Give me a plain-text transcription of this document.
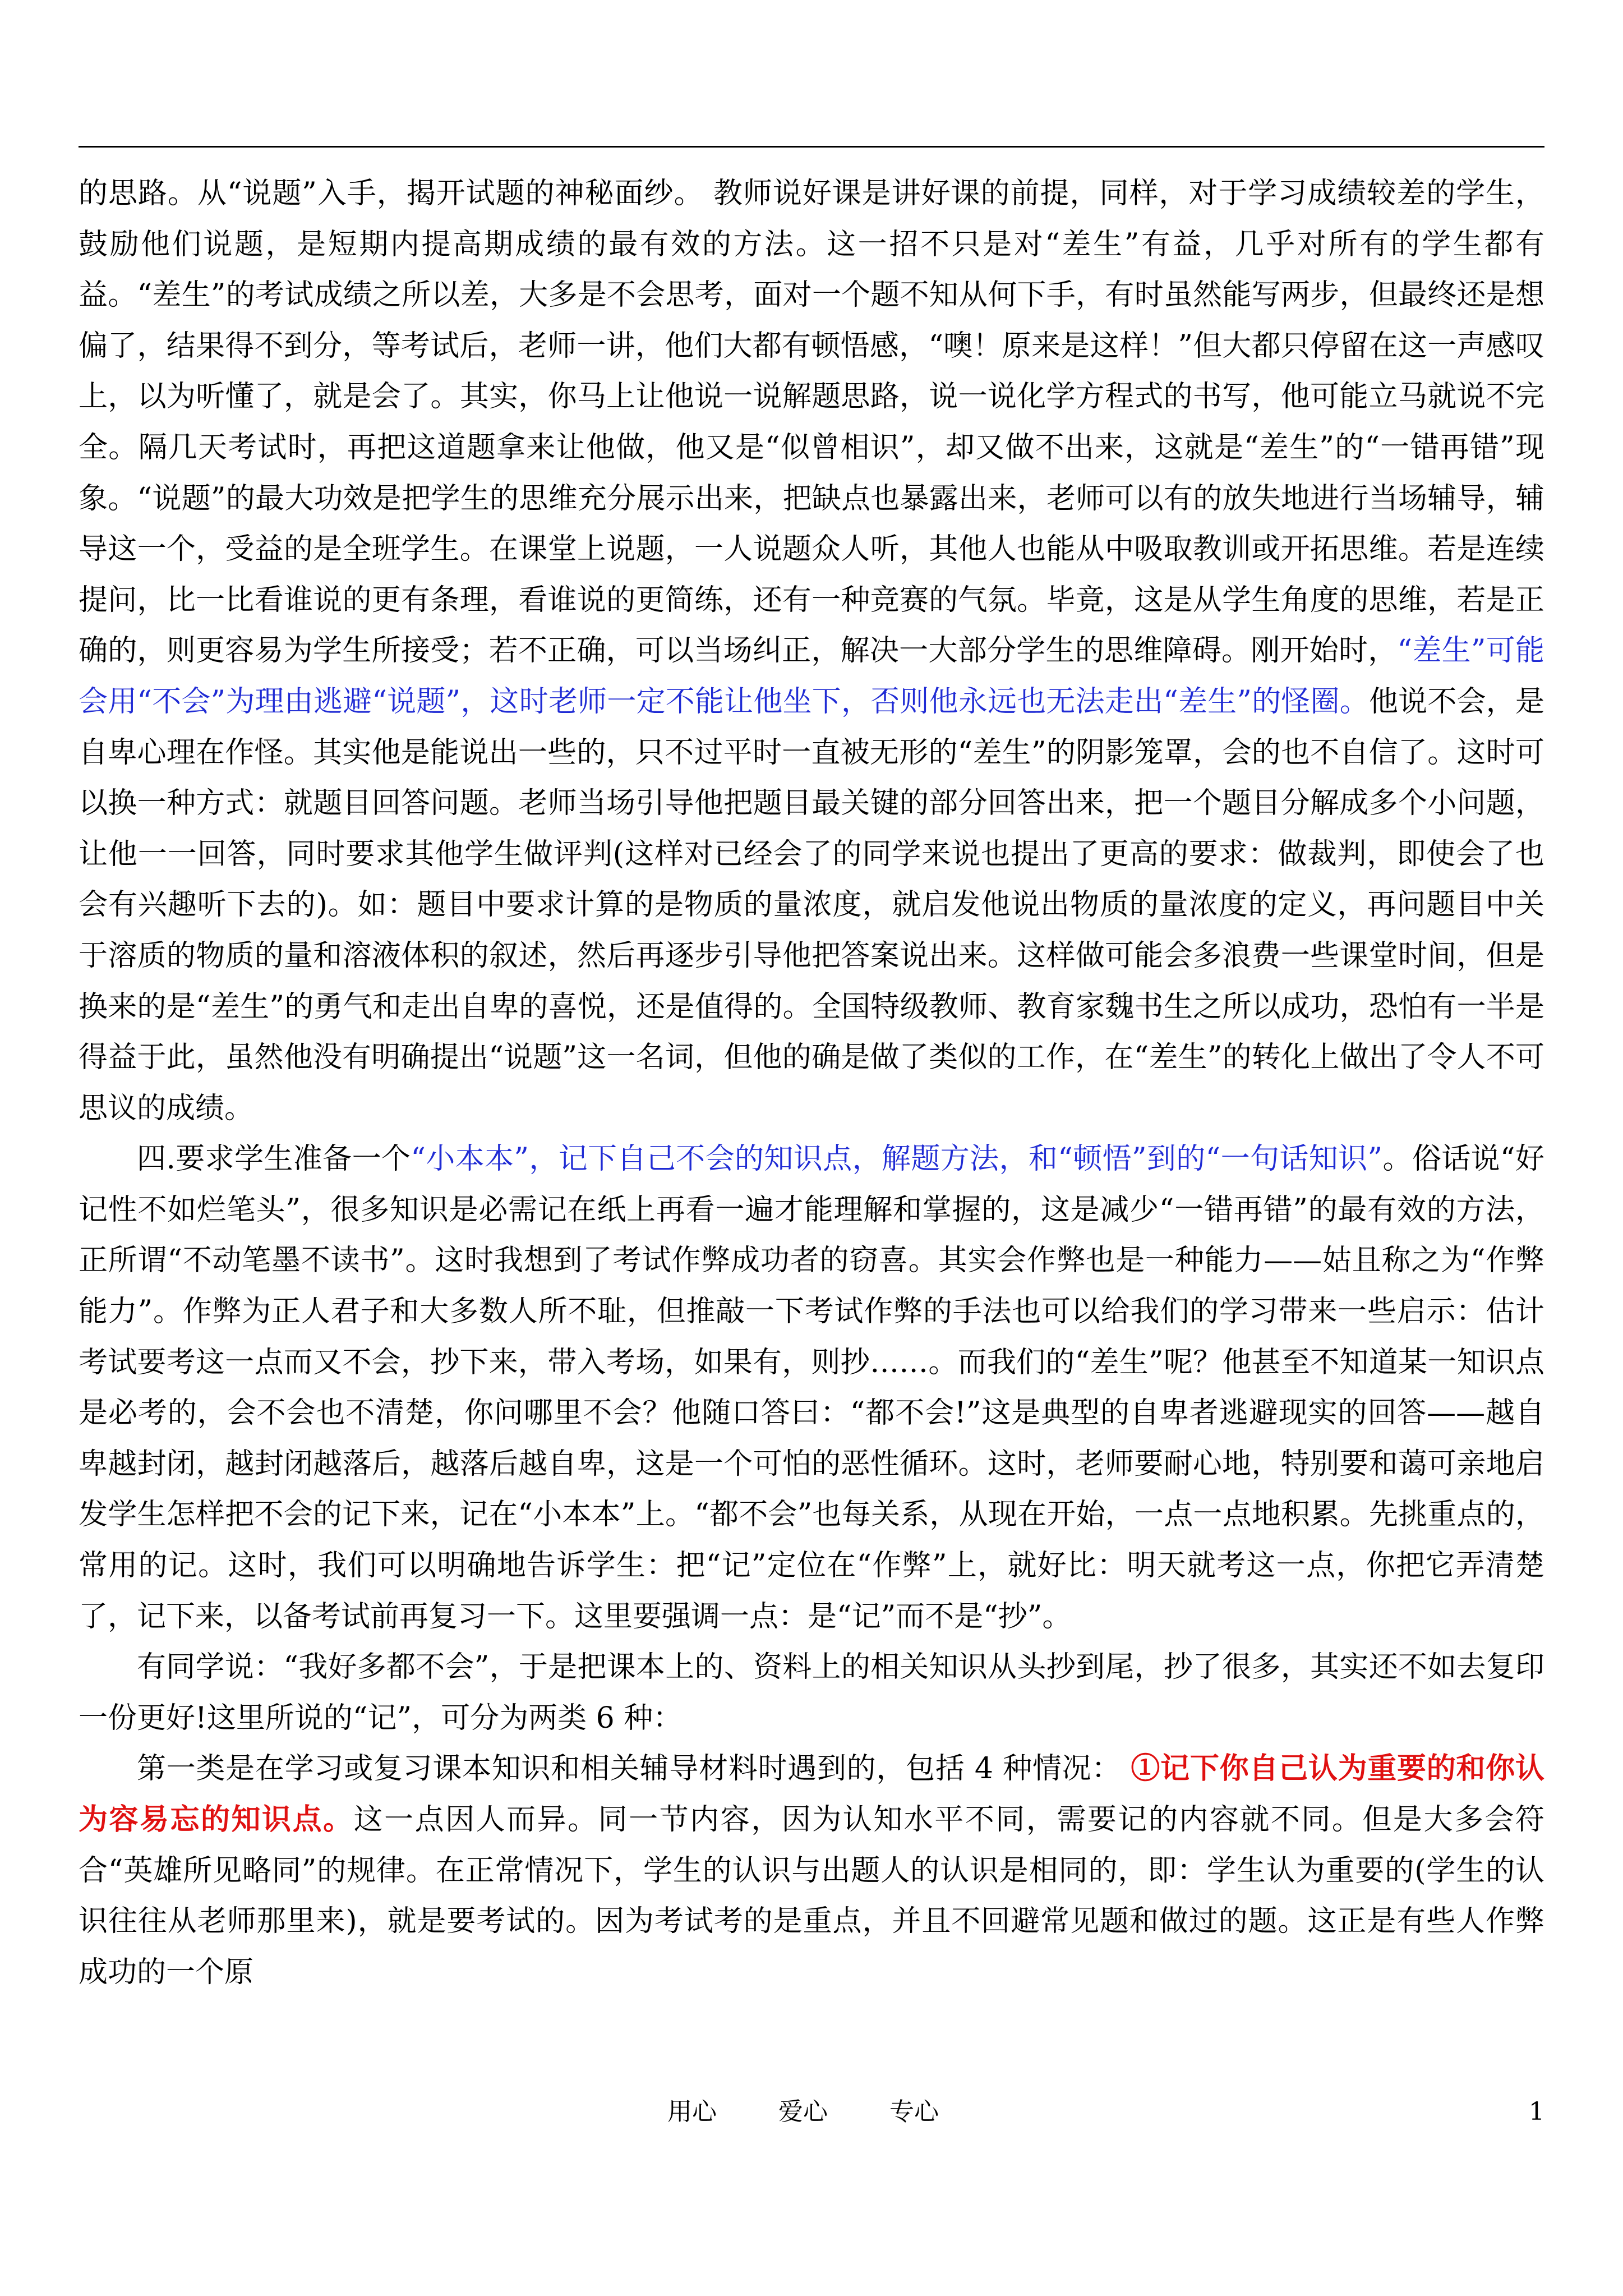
的思路。从“说题”入手，揭开试题的神秘面纱。 教师说好课是讲好课的前提，同样，对于学习成绩较差的学生，鼓励他们说题，是短期内提高期成绩的最有效的方法。这一招不只是对“差生”有益，几乎对所有的学生都有益。“差生”的考试成绩之所以差，大多是不会思考，面对一个题不知从何下手，有时虽然能写两步，但最终还是想偏了，结果得不到分，等考试后，老师一讲，他们大都有顿悟感，“噢！原来是这样！”但大都只停留在这一声感叹上，以为听懂了，就是会了。其实，你马上让他说一说解题思路，说一说化学方程式的书写，他可能立马就说不完全。隔几天考试时，再把这道题拿来让他做，他又是“似曾相识”，却又做不出来，这就是“差生”的“一错再错”现象。“说题”的最大功效是把学生的思维充分展示出来，把缺点也暴露出来，老师可以有的放失地进行当场辅导，辅导这一个，受益的是全班学生。在课堂上说题，一人说题众人听，其他人也能从中吸取教训或开拓思维。若是连续提问，比一比看谁说的更有条理，看谁说的更简练，还有一种竞赛的气氛。毕竟，这是从学生角度的思维，若是正确的，则更容易为学生所接受；若不正确，可以当场纠正，解决一大部分学生的思维障碍。刚开始时，“差生”可能会用“不会”为理由逃避“说题”，这时老师一定不能让他坐下，否则他永远也无法走出“差生”的怪圈。他说不会，是自卑心理在作怪。其实他是能说出一些的，只不过平时一直被无形的“差生”的阴影笼罩，会的也不自信了。这时可以换一种方式：就题目回答问题。老师当场引导他把题目最关键的部分回答出来，把一个题目分解成多个小问题，让他一一回答，同时要求其他学生做评判(这样对已经会了的同学来说也提出了更高的要求：做裁判，即使会了也会有兴趣听下去的)。如：题目中要求计算的是物质的量浓度，就启发他说出物质的量浓度的定义，再问题目中关于溶质的物质的量和溶液体积的叙述，然后再逐步引导他把答案说出来。这样做可能会多浪费一些课堂时间，但是换来的是“差生”的勇气和走出自卑的喜悦，还是值得的。全国特级教师、教育家魏书生之所以成功，恐怕有一半是得益于此，虽然他没有明确提出“说题”这一名词，但他的确是做了类似的工作，在“差生”的转化上做出了令人不可思议的成绩。

四.要求学生准备一个“小本本”，记下自己不会的知识点，解题方法，和“顿悟”到的“一句话知识”。俗话说“好记性不如烂笔头”，很多知识是必需记在纸上再看一遍才能理解和掌握的，这是减少“一错再错”的最有效的方法，正所谓“不动笔墨不读书”。这时我想到了考试作弊成功者的窃喜。其实会作弊也是一种能力——姑且称之为“作弊能力”。作弊为正人君子和大多数人所不耻，但推敲一下考试作弊的手法也可以给我们的学习带来一些启示：估计考试要考这一点而又不会，抄下来，带入考场，如果有，则抄……。而我们的“差生”呢？他甚至不知道某一知识点是必考的，会不会也不清楚，你问哪里不会？他随口答曰：“都不会!”这是典型的自卑者逃避现实的回答——越自卑越封闭，越封闭越落后，越落后越自卑，这是一个可怕的恶性循环。这时，老师要耐心地，特别要和蔼可亲地启发学生怎样把不会的记下来，记在“小本本”上。“都不会”也每关系，从现在开始，一点一点地积累。先挑重点的，常用的记。这时，我们可以明确地告诉学生：把“记”定位在“作弊”上，就好比：明天就考这一点，你把它弄清楚了，记下来，以备考试前再复习一下。这里要强调一点：是“记”而不是“抄”。

有同学说：“我好多都不会”，于是把课本上的、资料上的相关知识从头抄到尾，抄了很多，其实还不如去复印一份更好!这里所说的“记”，可分为两类 6 种：

第一类是在学习或复习课本知识和相关辅导材料时遇到的，包括 4 种情况： ①记下你自己认为重要的和你认为容易忘的知识点。这一点因人而异。同一节内容，因为认知水平不同，需要记的内容就不同。但是大多会符合“英雄所见略同”的规律。在正常情况下，学生的认识与出题人的认识是相同的，即：学生认为重要的(学生的认识往往从老师那里来)，就是要考试的。因为考试考的是重点，并且不回避常见题和做过的题。这正是有些人作弊成功的一个原

用心	爱心	专心	1
